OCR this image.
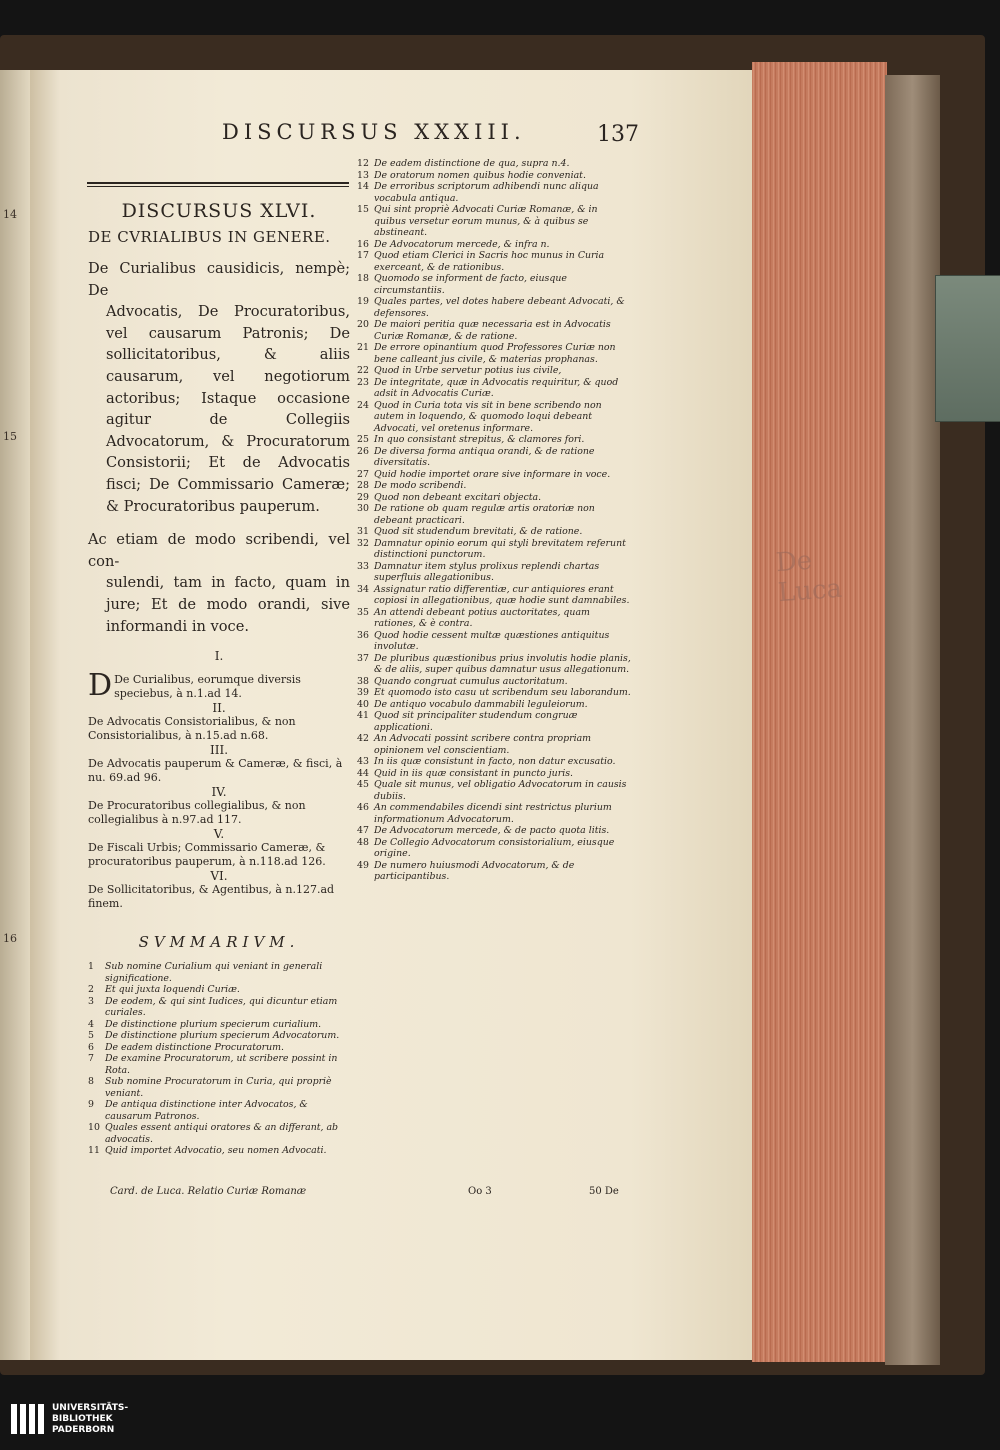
De Luca
14
15
16
DISCURSUS XXXIII.	137

DISCURSUS XLVI.

DE CVRIALIBUS IN GENERE.

De Curialibus causidicis, nempè; De
Advocatis, De Procuratoribus, vel causarum Patronis; De sollicitatoribus, & aliis causarum, vel negotiorum actoribus; Istaque occasione agitur de Collegiis Advocatorum, & Procuratorum Consistorii; Et de Advocatis fisci; De Commissario Cameræ; & Procuratoribus pauperum.

Ac etiam de modo scribendi, vel con-
sulendi, tam in facto, quam in jure; Et de modo orandi, sive informandi in voce.

I.

D De Curialibus, eorumque diversis speciebus, à n.1.ad 14.

II.

De Advocatis Consistorialibus, & non Consistorialibus, à n.15.ad n.68.

III.

De Advocatis pauperum & Cameræ, & fisci, à nu. 69.ad 96.

IV.

De Procuratoribus collegialibus, & non collegialibus à n.97.ad 117.

V.

De Fiscali Urbis; Commissario Cameræ, & procuratoribus pauperum, à n.118.ad 126.

VI.

De Sollicitatoribus, & Agentibus, à n.127.ad finem.

SVMMARIVM.

1	Sub nomine Curialium qui veniant in generali significatione.
2	Et qui juxta loquendi Curiæ.
3	De eodem, & qui sint Iudices, qui dicuntur etiam curiales.
4	De distinctione plurium specierum curialium.
5	De distinctione plurium specierum Advocatorum.
6	De eadem distinctione Procuratorum.
7	De examine Procuratorum, ut scribere possint in Rota.
8	Sub nomine Procuratorum in Curia, qui propriè veniant.
9	De antiqua distinctione inter Advocatos, & causarum Patronos.
10 Quales essent antiqui oratores & an differant, ab advocatis.
11 Quid importet Advocatio, seu nomen Advocati.
12 De eadem distinctione de qua, supra n.4.
13 De oratorum nomen quibus hodie conveniat.
14 De erroribus scriptorum adhibendi nunc aliqua vocabula antiqua.
15 Qui sint propriè Advocati Curiæ Romanæ, & in quibus versetur eorum munus, & à quibus se abstineant.
16 De Advocatorum mercede, & infra n.
17 Quod etiam Clerici in Sacris hoc munus in Curia exerceant, & de rationibus.
18 Quomodo se informent de facto, eiusque circumstantiis.
19 Quales partes, vel dotes habere debeant Advocati, & defensores.
20 De maiori peritia quæ necessaria est in Advocatis Curiæ Romanæ, & de ratione.
21 De errore opinantium quod Professores Curiæ non bene calleant jus civile, & materias prophanas.
22 Quod in Urbe servetur potius ius civile,
23 De integritate, quæ in Advocatis requiritur, & quod adsit in Advocatis Curiæ.
24 Quod in Curia tota vis sit in bene scribendo non autem in loquendo, & quomodo loqui debeant Advocati, vel oretenus informare.
25 In quo consistant strepitus, & clamores fori.
26 De diversa forma antiqua orandi, & de ratione diversitatis.
27 Quid hodie importet orare sive informare in voce.
28 De modo scribendi.
29 Quod non debeant excitari objecta.
30 De ratione ob quam regulæ artis oratoriæ non debeant practicari.
31 Quod sit studendum brevitati, & de ratione.
32 Damnatur opinio eorum qui styli brevitatem referunt distinctioni punctorum.
33 Damnatur item stylus prolixus replendi chartas superfluis allegationibus.
34 Assignatur ratio differentiæ, cur antiquiores erant copiosi in allegationibus, quæ hodie sunt damnabiles.
35 An attendi debeant potius auctoritates, quam rationes, & è contra.
36 Quod hodie cessent multæ quæstiones antiquitus involutæ.
37 De pluribus quæstionibus prius involutis hodie planis, & de aliis, super quibus damnatur usus allegationum.
38 Quando congruat cumulus auctoritatum.
39 Et quomodo isto casu ut scribendum seu laborandum.
40 De antiquo vocabulo dammabili leguleiorum.
41 Quod sit principaliter studendum congruæ applicationi.
42 An Advocati possint scribere contra propriam opinionem vel conscientiam.
43 In iis quæ consistunt in facto, non datur excusatio.
44 Quid in iis quæ consistant in puncto juris.
45 Quale sit munus, vel obligatio Advocatorum in causis dubiis.
46 An commendabiles dicendi sint restrictus plurium informationum Advocatorum.
47 De Advocatorum mercede, & de pacto quota litis.
48 De Collegio Advocatorum consistorialium, eiusque origine.
49 De numero huiusmodi Advocatorum, & de participantibus.
Card. de Luca. Relatio Curiæ Romanæ	Oo 3	50 De
UNIVERSITÄTS-
BIBLIOTHEK
PADERBORN
